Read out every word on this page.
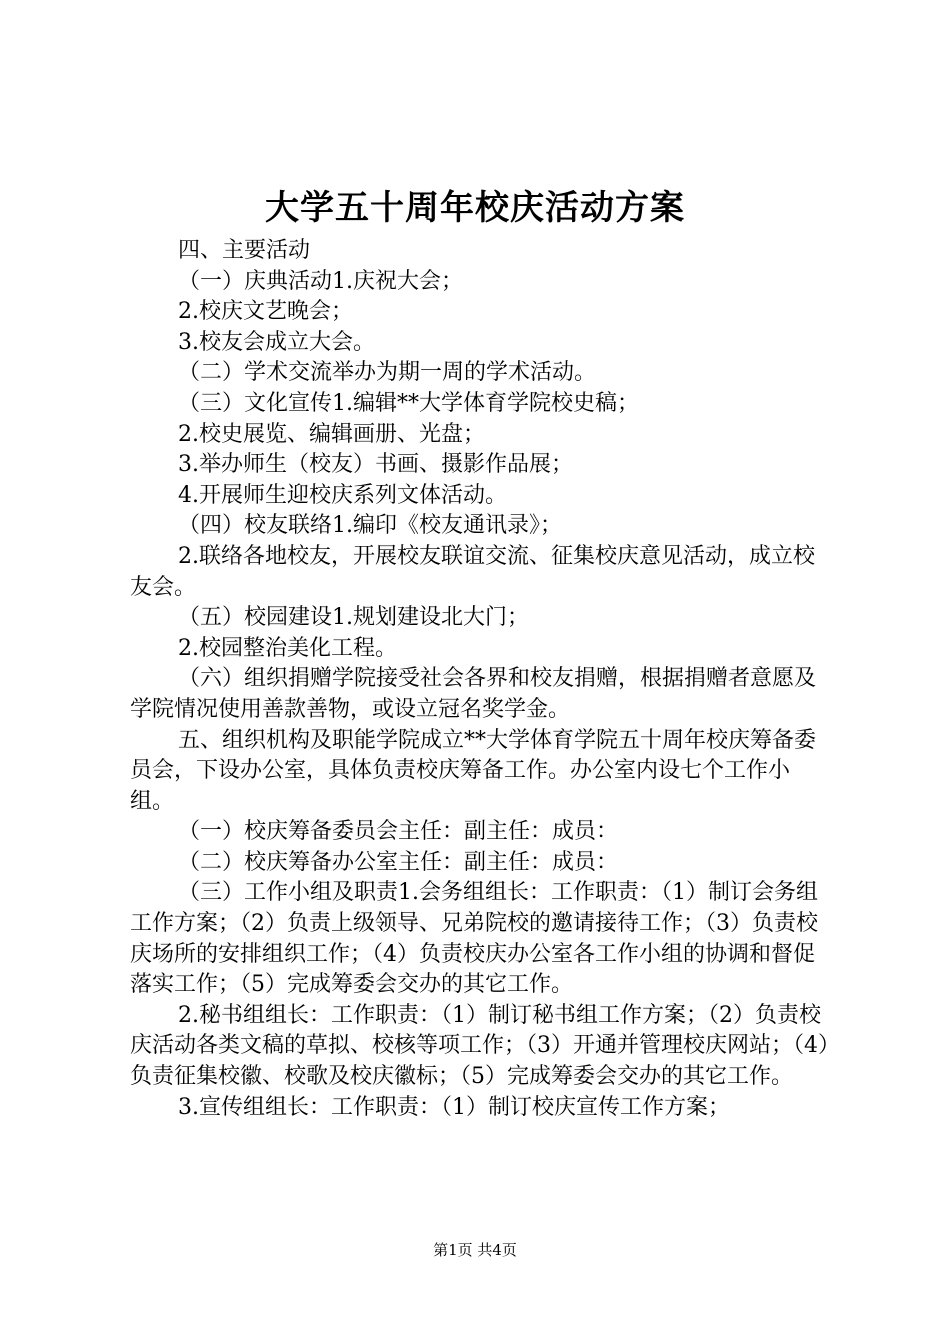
大学五十周年校庆活动方案

四、主要活动

（一）庆典活动1.庆祝大会；

2.校庆文艺晚会；

3.校友会成立大会。

（二）学术交流举办为期一周的学术活动。

（三）文化宣传1.编辑**大学体育学院校史稿；

2.校史展览、编辑画册、光盘；

3.举办师生（校友）书画、摄影作品展；

4.开展师生迎校庆系列文体活动。

（四）校友联络1.编印《校友通讯录》；

2.联络各地校友，开展校友联谊交流、征集校庆意见活动，成立校友会。

（五）校园建设1.规划建设北大门；

2.校园整治美化工程。

（六）组织捐赠学院接受社会各界和校友捐赠，根据捐赠者意愿及学院情况使用善款善物，或设立冠名奖学金。

五、组织机构及职能学院成立**大学体育学院五十周年校庆筹备委员会，下设办公室，具体负责校庆筹备工作。办公室内设七个工作小组。

（一）校庆筹备委员会主任：副主任：成员：

（二）校庆筹备办公室主任：副主任：成员：

（三）工作小组及职责1.会务组组长：工作职责：（1）制订会务组工作方案；（2）负责上级领导、兄弟院校的邀请接待工作；（3）负责校庆场所的安排组织工作；（4）负责校庆办公室各工作小组的协调和督促落实工作；（5）完成筹委会交办的其它工作。

2.秘书组组长：工作职责：（1）制订秘书组工作方案；（2）负责校庆活动各类文稿的草拟、校核等项工作；（3）开通并管理校庆网站；（4）负责征集校徽、校歌及校庆徽标；（5）完成筹委会交办的其它工作。

3.宣传组组长：工作职责：（1）制订校庆宣传工作方案；

第1页 共4页
